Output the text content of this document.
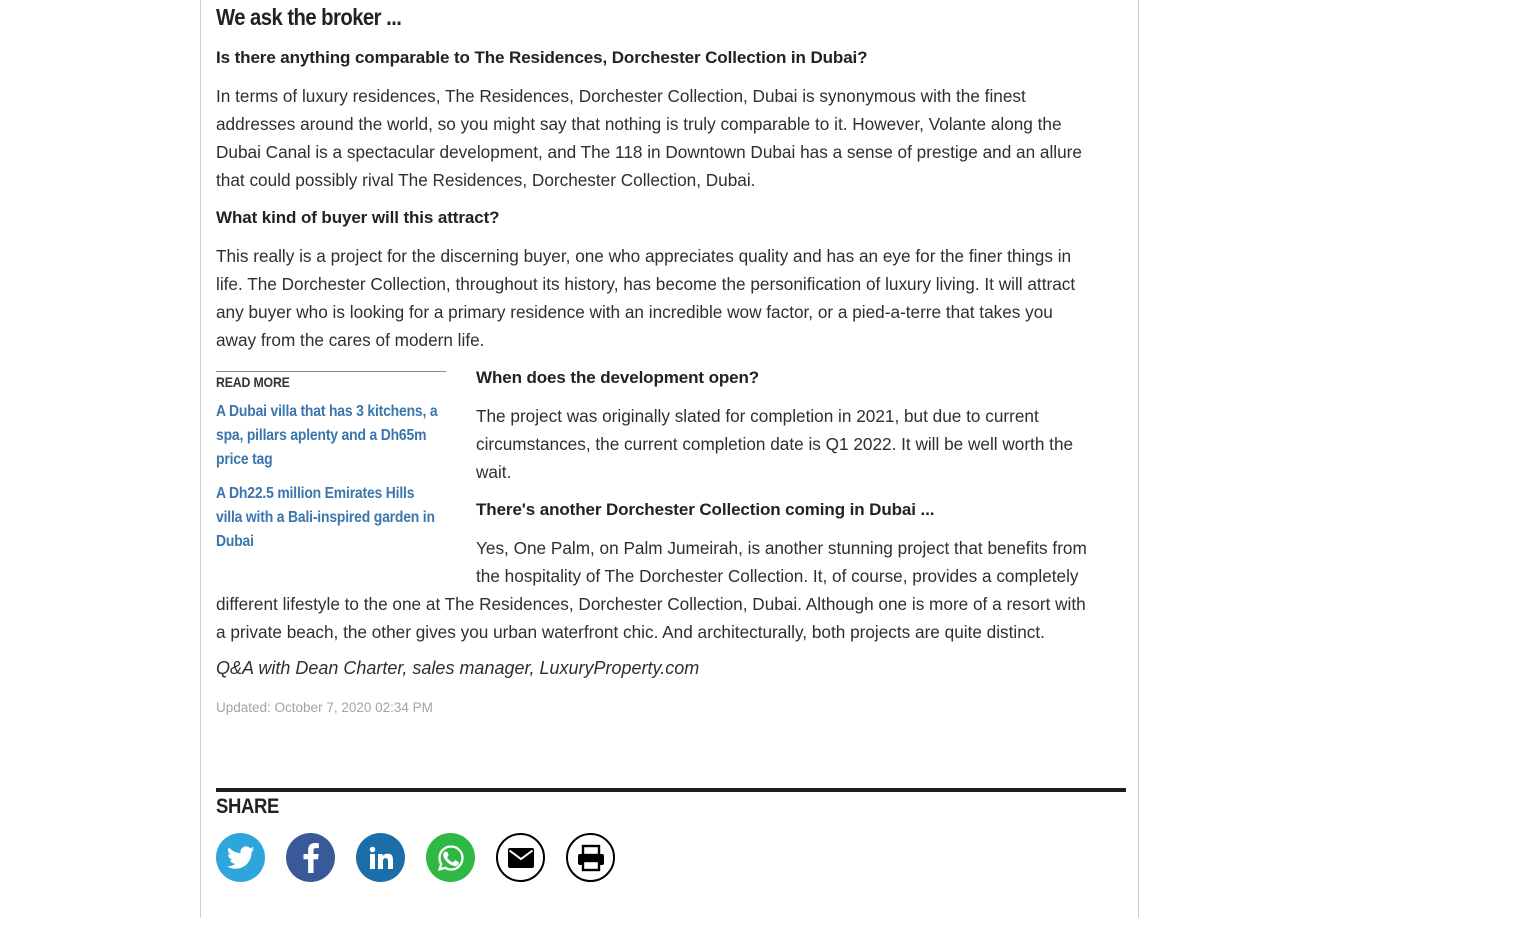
We ask the broker ...

Is there anything comparable to The Residences, Dorchester Collection in Dubai?

In terms of luxury residences, The Residences, Dorchester Collection, Dubai is synonymous with the finest
addresses around the world, so you might say that nothing is truly comparable to it. However, Volante along the
Dubai Canal is a spectacular development, and The 118 in Downtown Dubai has a sense of prestige and an allure
that could possibly rival The Residences, Dorchester Collection, Dubai.

What kind of buyer will this attract?

This really is a project for the discerning buyer, one who appreciates quality and has an eye for the finer things in
life. The Dorchester Collection, throughout its history, has become the personification of luxury living. It will attract
any buyer who is looking for a primary residence with an incredible wow factor, or a pied-a-terre that takes you
away from the cares of modern life.

READ MORE

A Dubai villa that has 3 kitchens, a
spa, pillars aplenty and a Dh65m
price tag
A Dh22.5 million Emirates Hills
villa with a Bali-inspired garden in
Dubai

When does the development open?

The project was originally slated for completion in 2021, but due to current
circumstances, the current completion date is Q1 2022. It will be well worth the
wait.

There's another Dorchester Collection coming in Dubai ...

Yes, One Palm, on Palm Jumeirah, is another stunning project that benefits from
the hospitality of The Dorchester Collection. It, of course, provides a completely
different lifestyle to the one at The Residences, Dorchester Collection, Dubai. Although one is more of a resort with
a private beach, the other gives you urban waterfront chic. And architecturally, both projects are quite distinct.

Q&A with Dean Charter, sales manager, LuxuryProperty.com

Updated: October 7, 2020 02:34 PM

SHARE
